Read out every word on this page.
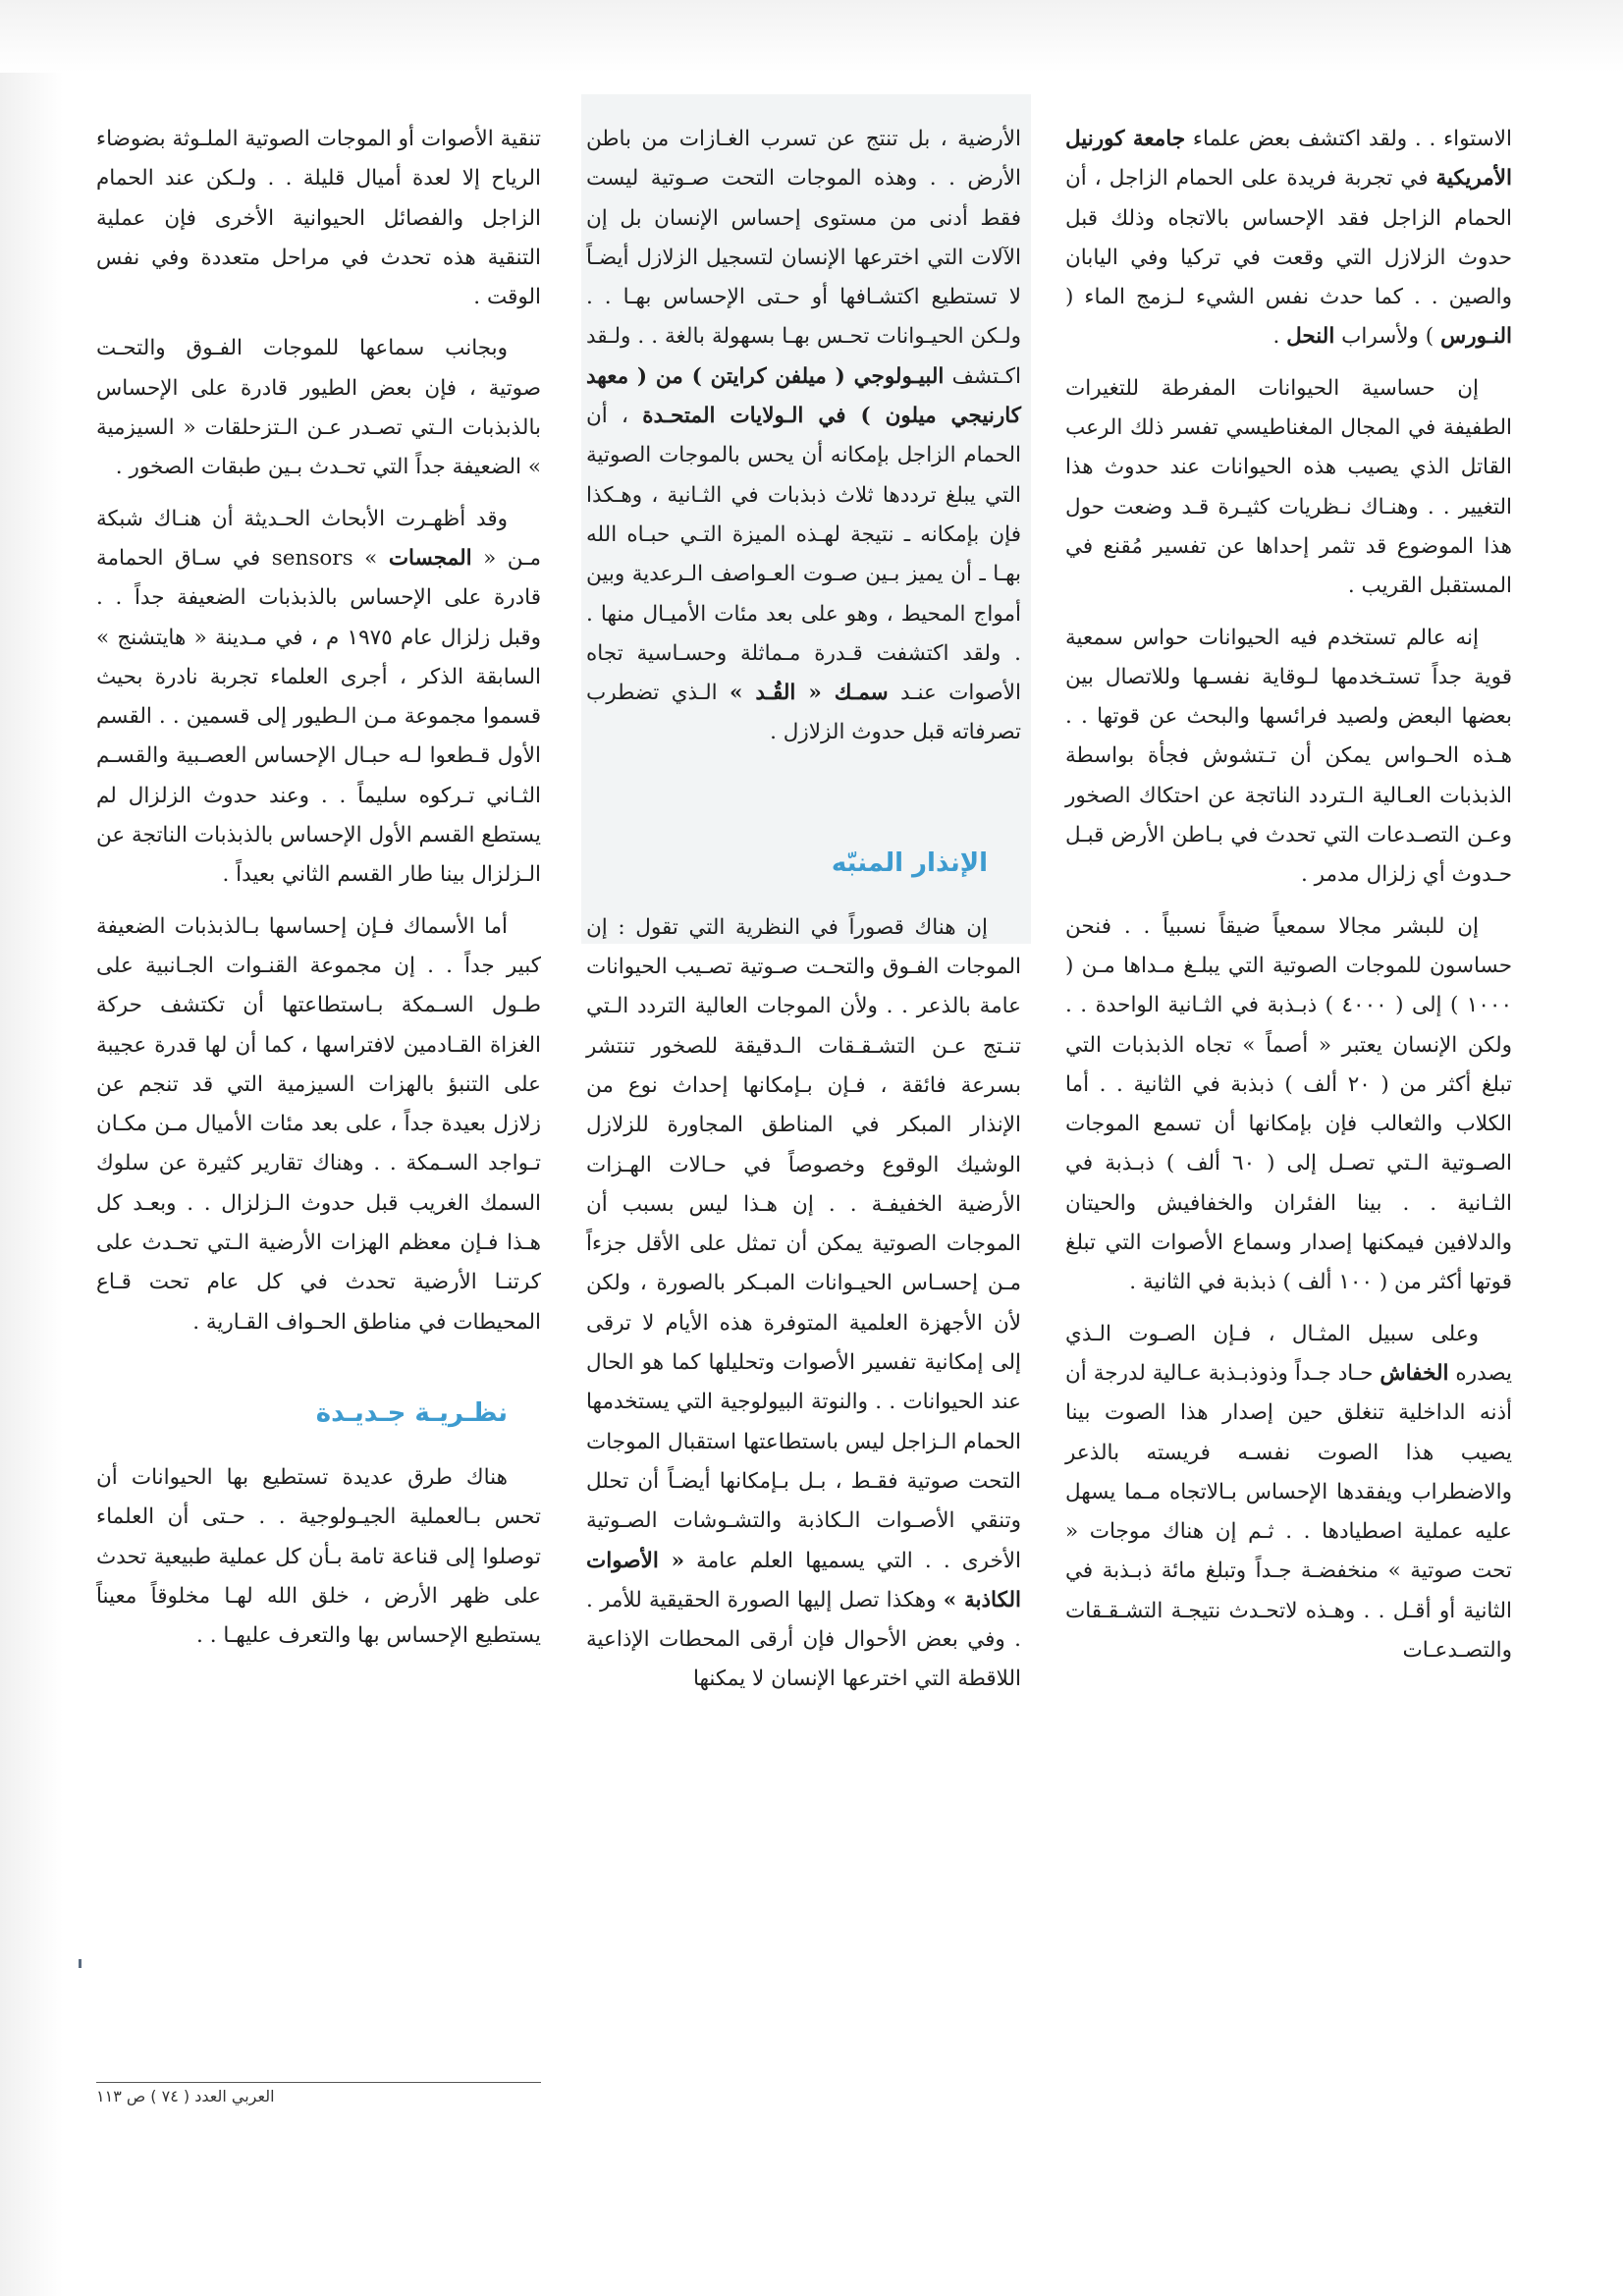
الاستواء . . ولقد اكتشف بعض علماء جامعة كورنيل الأمريكية في تجربة فريدة على الحمام الزاجل ، أن الحمام الزاجل فقد الإحساس بالاتجاه وذلك قبل حدوث الزلازل التي وقعت في تركيا وفي اليابان والصين . . كما حدث نفس الشيء لـزمج الماء ( النـورس ) ولأسراب النحل .

إن حساسية الحيوانات المفرطة للتغيرات الطفيفة في المجال المغناطيسي تفسر ذلك الرعب القاتل الذي يصيب هذه الحيوانات عند حدوث هذا التغيير . . وهنـاك نـظريات كثيـرة قـد وضعت حول هذا الموضوع قد تثمر إحداها عن تفسير مُقنع في المستقبل القريب .

إنه عالم تستخدم فيه الحيوانات حواس سمعية قوية جداً تستـخدمها لـوقاية نفسـها وللاتصال بين بعضها البعض ولصيد فرائسها والبحث عن قوتها . . هـذه الحـواس يمكن أن تـتشوش فجأة بواسطة الذبذبات العـالية الـتردد الناتجة عن احتكاك الصخور وعـن التصـدعات التي تحدث في بـاطن الأرض قبـل حـدوث أي زلزال مدمر .

إن للبشر مجالا سمعياً ضيقاً نسبياً . . فنحن حساسون للموجات الصوتية التي يبلـغ مـداها مـن ( ١٠٠٠ ) إلى ( ٤٠٠٠ ) ذبـذبة في الثـانية الواحدة . . ولكن الإنسان يعتبر « أصماً » تجاه الذبذبات التي تبلغ أكثر من ( ٢٠ ألف ) ذبذبة في الثانية . . أما الكلاب والثعالب فإن بإمكانها أن تسمع الموجات الصـوتية الـتي تصـل إلى ( ٦٠ ألف ) ذبـذبة في الثـانية . . بينا الفئران والخفافيش والحيتان والدلافين فيمكنها إصدار وسماع الأصوات التي تبلغ قوتها أكثر من ( ١٠٠ ألف ) ذبذبة في الثانية .

وعلى سبيل المثـال ، فـإن الصـوت الـذي يصدره الخفاش حـاد جـداً وذوذبـذبة عـالية لدرجة أن أذنه الداخلية تنغلق حين إصدار هذا الصوت بينا يصيب هذا الصوت نفسـه فريسته بالذعر والاضطراب ويفقدها الإحساس بـالاتجاه مـما يسهل عليه عملية اصطيادها . . ثـم إن هناك موجات « تحت صوتية » منخفضـة جـداً وتبلغ مائة ذبـذبة في الثانية أو أقـل . . وهـذه لاتحـدث نتيجـة التشـقـقات والتصـدعـات

الأرضية ، بل تنتج عن تسرب الغـازات من باطن الأرض . . وهذه الموجات التحت صـوتية ليست فقط أدنى من مستوى إحساس الإنسان بل إن الآلات التي اخترعها الإنسان لتسجيل الزلازل أيضـاً لا تستطيع اكتشـافها أو حـتى الإحساس بهـا . . ولـكن الحيـوانات تحـس بهـا بسهولة بالغة . . ولـقد اكـتشف البيـولوجي ( ميلفن كرايتن ) من ( معهد كارنيجي ميلون ) في الـولايات المتحـدة ، أن الحمام الزاجل بإمكانه أن يحس بالموجات الصوتية التي يبلغ ترددها ثلاث ذبذبات في الثـانية ، وهـكذا فإن بإمكانه ـ نتيجة لهـذه الميزة التـي حبـاه الله بهـا ـ أن يميز بـين صـوت العـواصف الـرعدية وبين أمواج المحيط ، وهو على بعد مئات الأميـال منها . . ولقد اكتشفت قـدرة مـماثلة وحسـاسية تجاه الأصوات عنـد سمـك « القُـد » الـذي تضطرب تصرفاته قبل حدوث الزلازل .

الإنذار المنبّه

إن هناك قصوراً في النظرية التي تقول : إن الموجات الفـوق والتحـت صـوتية تصـيب الحيوانات عامة بالذعر . . ولأن الموجات العالية التردد الـتي تنـتج عـن التشـقـقات الـدقيقة للصخور تنتشر بسرعة فائقة ، فـإن بـإمكانها إحداث نوع من الإنذار المبكر في المناطق المجاورة للزلازل الوشيك الوقوع وخصوصاً في حـالات الهـزات الأرضية الخفيفـة . . إن هـذا ليس بسبب أن الموجات الصوتية يمكن أن تمثل على الأقل جزءاً مـن إحسـاس الحيـوانات المبـكر بالصورة ، ولكن لأن الأجهزة العلمية المتوفرة هذه الأيام لا ترقى إلى إمكانية تفسير الأصوات وتحليلها كما هو الحال عند الحيوانات . . والنوتة البيولوجية التي يستخدمها الحمام الـزاجل ليس باستطاعتها استقبال الموجات التحت صوتية فقـط ، بـل بـإمكانها أيضـاً أن تحلل وتنقي الأصـوات الـكاذبة والتشـوشات الصـوتية الأخرى . . التي يسميها العلم عامة « الأصوات الكاذبة » وهكذا تصل إليها الصورة الحقيقية للأمر . . وفي بعض الأحوال فإن أرقى المحطات الإذاعية اللاقطة التي اخترعها الإنسان لا يمكنها

تنقية الأصوات أو الموجات الصوتية الملـوثة بضوضاء الرياح إلا لعدة أميال قليلة . . ولـكن عند الحمام الزاجل والفصائل الحيوانية الأخرى فإن عملية التنقية هذه تحدث في مراحل متعددة وفي نفس الوقت .

وبجانب سماعها للموجات الفـوق والتحـت صوتية ، فإن بعض الطيور قادرة على الإحساس بالذبذبات الـتي تصـدر عـن الـتزحلقات « السيزمية » الضعيفة جداً التي تحـدث بـين طبقات الصخور .

وقد أظهـرت الأبحاث الحـديثة أن هنـاك شبكة مـن « المجسات » sensors في سـاق الحمامة قادرة على الإحساس بالذبذبات الضعيفة جداً . . وقبل زلزال عام ١٩٧٥ م ، في مـدينة « هايتشنج » السابقة الذكر ، أجرى العلماء تجربة نادرة بحيث قسموا مجموعة مـن الـطيور إلى قسمين . . القسم الأول قـطعوا لـه حبـال الإحساس العصـبية والقسـم الثـاني تـركوه سليماً . . وعند حدوث الزلزال لم يستطع القسم الأول الإحساس بالذبذبات الناتجة عن الـزلزال بينا طار القسم الثاني بعيداً .

أما الأسماك فـإن إحساسها بـالذبذبات الضعيفة كبير جداً . . إن مجموعة القنـوات الجـانبية على طـول السـمكة بـاستطاعتها أن تكتشف حركة الغزاة القـادمين لافتراسها ، كما أن لها قدرة عجيبة على التنبؤ بالهزات السيزمية التي قد تنجم عن زلازل بعيدة جداً ، على بعد مئات الأميال مـن مكـان تـواجد السـمكة . . وهناك تقارير كثيرة عن سلوك السمك الغريب قبل حدوث الـزلزال . . وبعـد كل هـذا فـإن معظم الهزات الأرضية الـتي تحـدث على كرتنـا الأرضية تحدث في كل عام تحت قـاع المحيطات في مناطق الحـواف القـارية .

نظـريـة جـديـدة

هناك طرق عديدة تستطيع بها الحيوانات أن تحس بـالعملية الجيـولوجية . . حـتى أن العلماء توصلوا إلى قناعة تامة بـأن كل عملية طبيعية تحدث على ظهر الأرض ، خلق الله لهـا مخلوقاً معيناً يستطيع الإحساس بها والتعرف عليهـا . .

العربي العدد ( ٧٤ ) ص ١١٣
